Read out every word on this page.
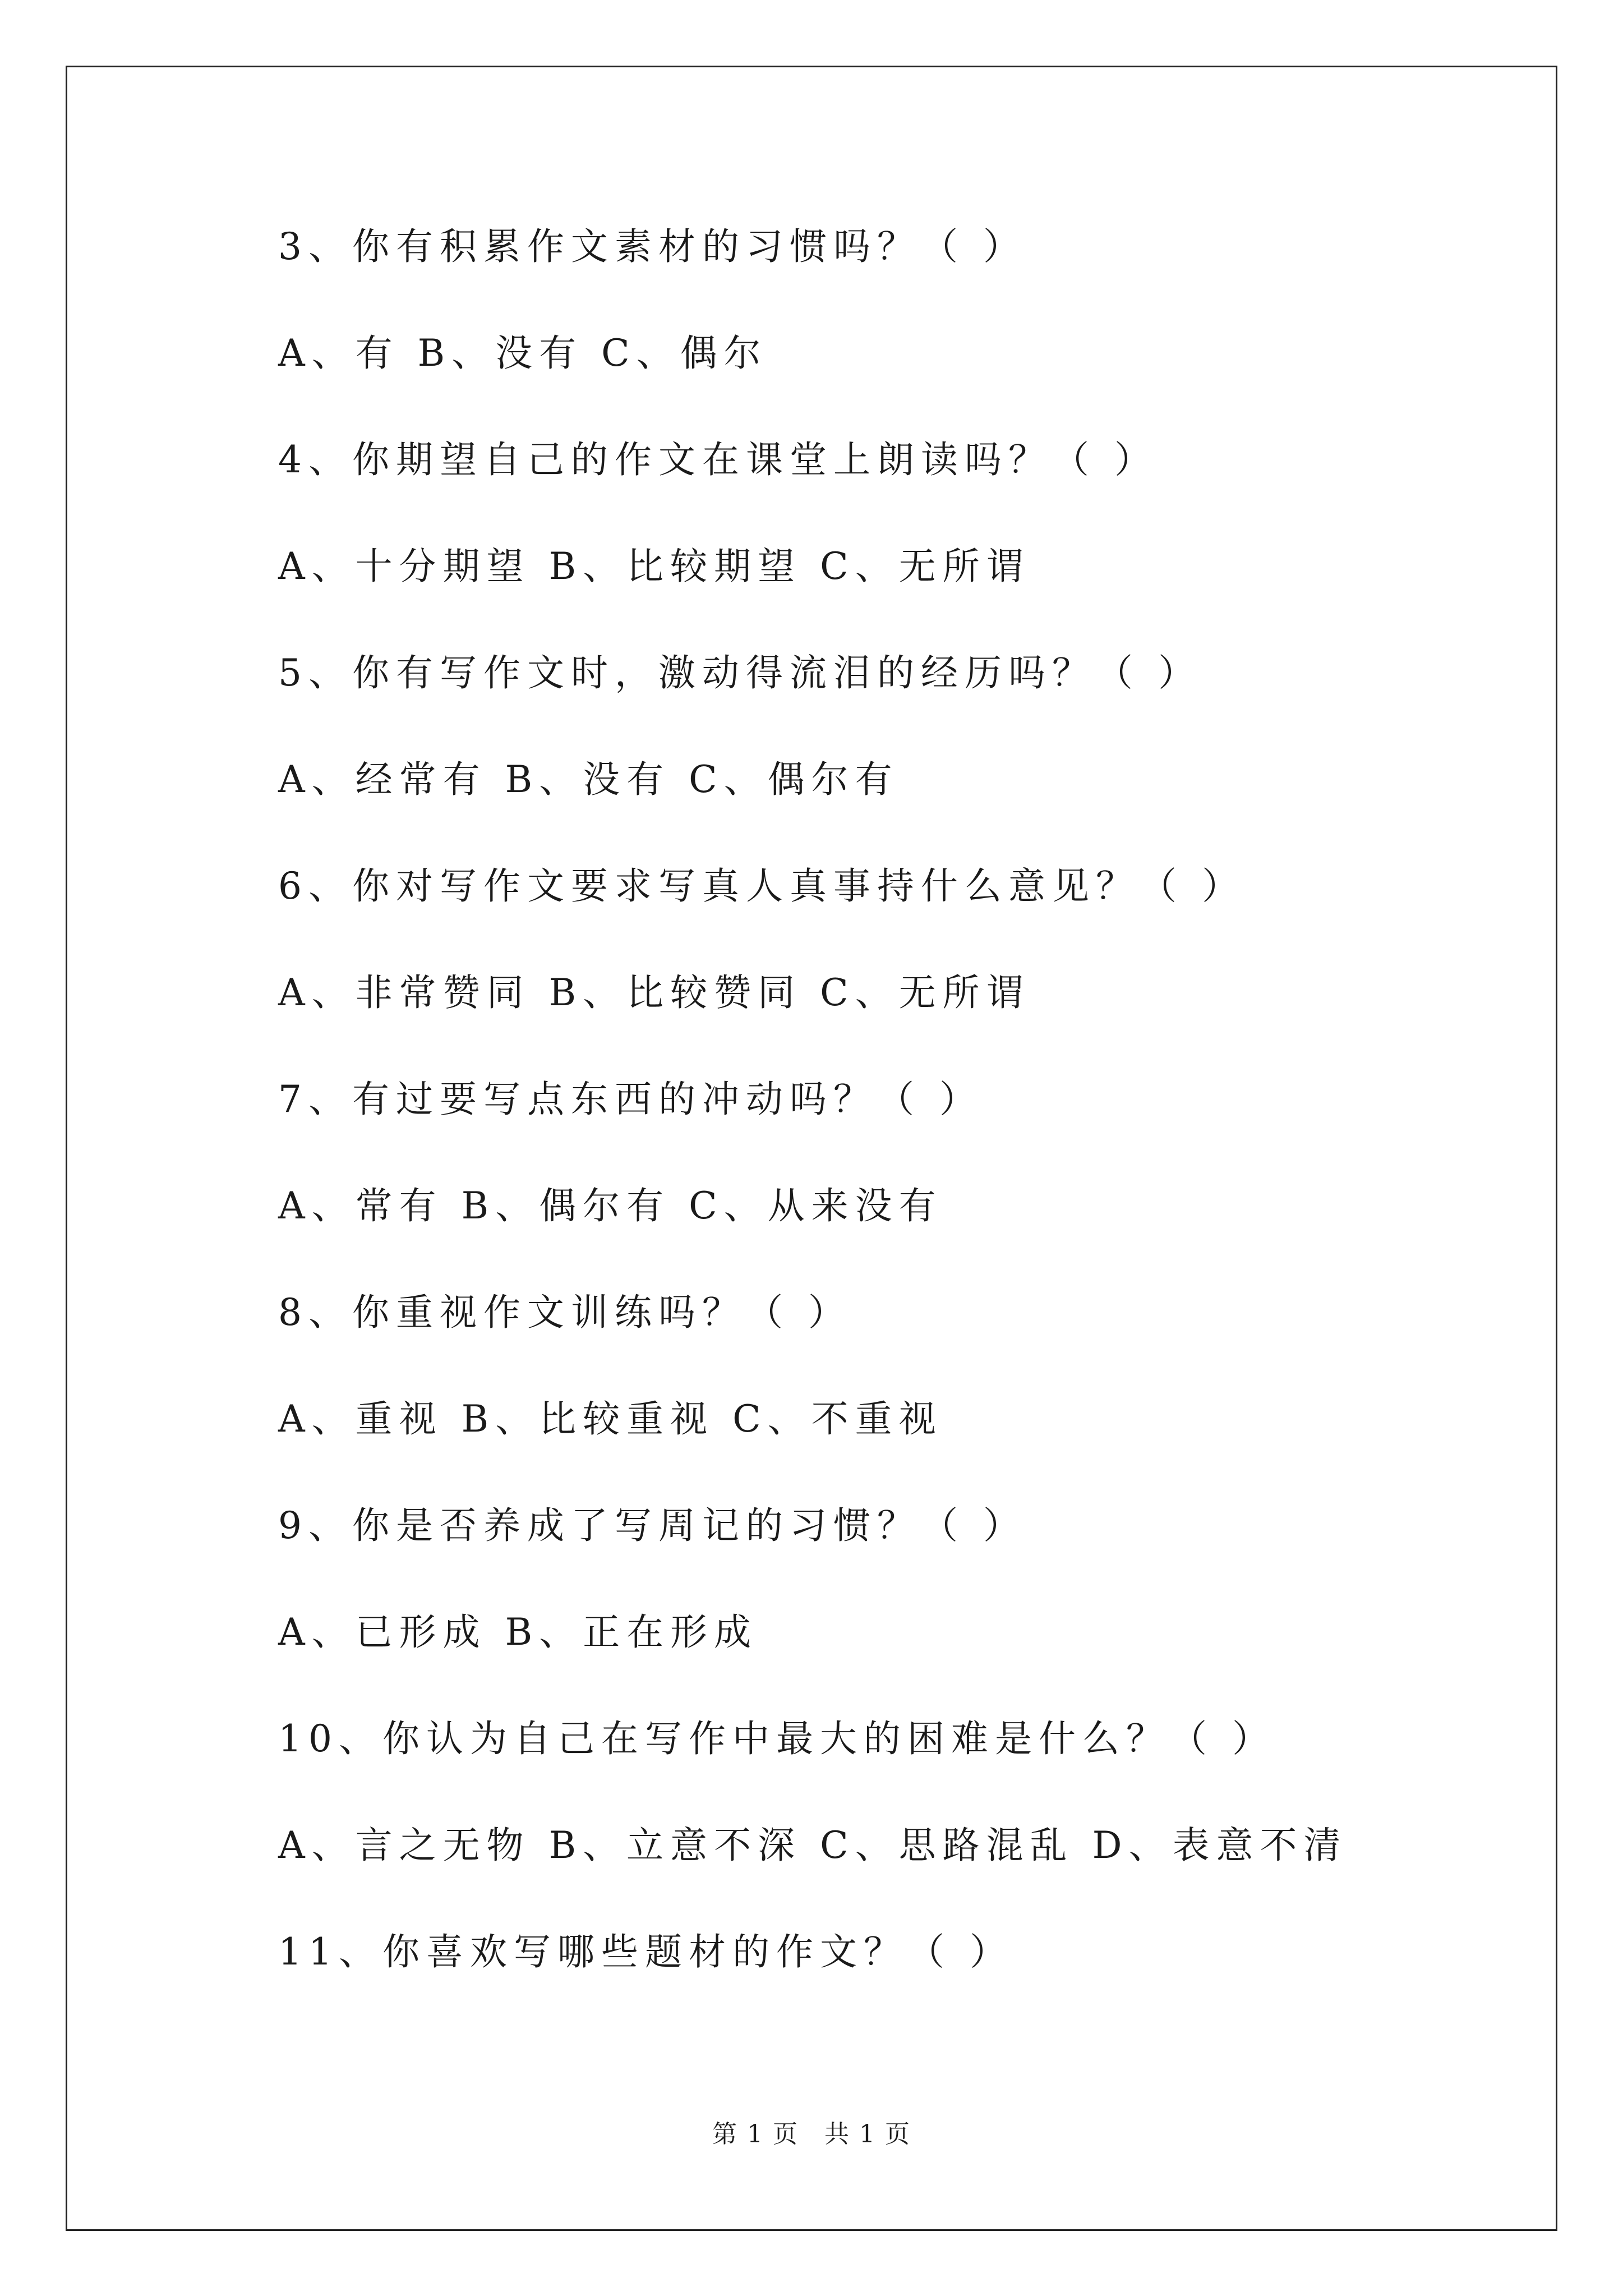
3、你有积累作文素材的习惯吗？（ ）
A、有 B、没有 C、偶尔
4、你期望自己的作文在课堂上朗读吗？（ ）
A、十分期望 B、比较期望 C、无所谓
5、你有写作文时，激动得流泪的经历吗？（ ）
A、经常有 B、没有 C、偶尔有
6、你对写作文要求写真人真事持什么意见？（ ）
A、非常赞同 B、比较赞同 C、无所谓
7、有过要写点东西的冲动吗？（ ）
A、常有 B、偶尔有 C、从来没有
8、你重视作文训练吗？（ ）
A、重视 B、比较重视 C、不重视
9、你是否养成了写周记的习惯？（ ）
A、已形成 B、正在形成
10、你认为自己在写作中最大的困难是什么？（ ）
A、言之无物 B、立意不深 C、思路混乱 D、表意不清
11、你喜欢写哪些题材的作文？（ ）
第 1 页　共 1 页
